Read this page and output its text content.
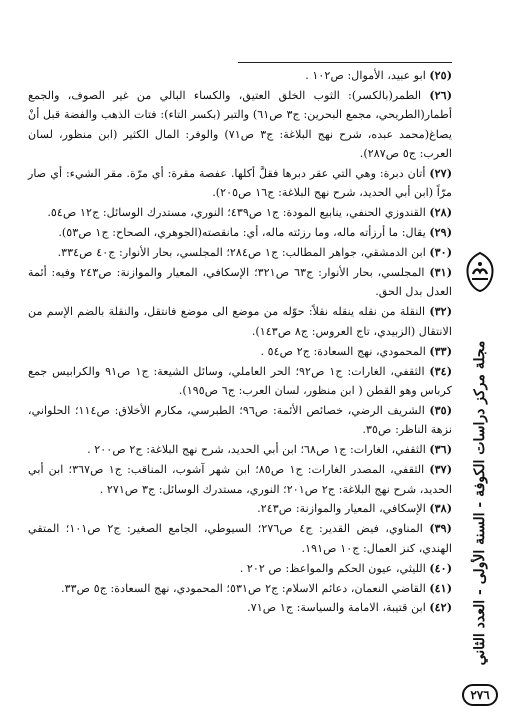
(٢٥) ابو عبيد، الأموال: ص١٠٢ .

(٢٦) الطمر(بالكسر): الثوب الخلق العتيق، والكساء البالي من غير الصوف، والجمع أطمار(الطريحي، مجمع البحرين: ج٣ ص٦١) والتبر (بكسر التاء): فتات الذهب والفضة قبل أنْ يصاغ(محمد عبده، شرح نهج البلاغة: ج٣ ص٧١) والوفر: المال الكثير (ابن منظور، لسان العرب: ج٥ ص٢٨٧).

(٢٧) أتان دبرة: وهي التي عقر دبرها فقلَّ أكلها. عفصة مقرة: أي مرّة. مقر الشيء: أي صار مرّاً (ابن أبي الحديد، شرح نهج البلاغة: ج١٦ ص٢٠٥).

(٢٨) القندوزي الحنفي، ينابيع المودة: ج١ ص٤٣٩؛ النوري، مستدرك الوسائل: ج١٢ ص٥٤.

(٢٩) يقال: ما أرزأته ماله، وما رزئته ماله، أي: مانقصته(الجوهري، الصحاح: ج١ ص٥٣).

(٣٠) ابن الدمشقي، جواهر المطالب: ج١ ص٢٨٤؛ المجلسي، بحار الأنوار: ج٤٠ ص٣٣٤.

(٣١) المجلسي، بحار الأنوار: ج٦٣ ص٣٢١؛ الإسكافي، المعيار والموازنة: ص٢٤٣ وفيه: أئمة العدل بدل الحق.

(٣٢) النقلة من نقله ينقله نقلاً: حوّله من موضع الى موضع فانتقل، والنقلة بالضم الإسم من الانتقال (الزبيدي، تاج العروس: ج٨ ص١٤٣).

(٣٣) المحمودي، نهج السعادة: ج٢ ص٥٤ .

(٣٤) الثقفي، الغارات: ج١ ص٩٢؛ الحر العاملي، وسائل الشيعة: ج١ ص٩١ والكرابيس جمع كرباس وهو القطن ( ابن منظور، لسان العرب: ج٦ ص١٩٥).

(٣٥) الشريف الرضي، خصائص الأئمة: ص٩٦؛ الطبرسي، مكارم الأخلاق: ص١١٤؛ الحلواني، نزهة الناظر: ص٣٥.

(٣٦) الثقفي، الغارات: ج١ ص٦٨؛ ابن أبي الحديد، شرح نهج البلاغة: ج٢ ص٢٠٠ .

(٣٧) الثقفي، المصدر الغارات: ج١ ص٨٥؛ ابن شهر آشوب، المناقب: ج١ ص٣٦٧؛ ابن أبي الحديد، شرح نهج البلاغة: ج٢ ص٢٠١؛ النوري، مستدرك الوسائل: ج٣ ص٢٧١ .

(٣٨) الإسكافي، المعيار والموازنة: ص٢٤٣.

(٣٩) المناوي، فيض القدير: ج٤ ص٢٧٦؛ السيوطي، الجامع الصغير: ج٢ ص١٠١؛ المتقي الهندي، كنز العمال: ج١٠ ص١٩١.

(٤٠) الليثي، عيون الحكم والمواعظ: ص ٢٠٢ .

(٤١) القاضي النعمان، دعائم الاسلام: ج٢ ص٥٣١؛ المحمودي، نهج السعادة: ج٥ ص٣٣.

(٤٢) ابن قتيبة، الامامة والسياسة: ج١ ص٧١.	مجلة مركز دراسات الكوفة - السنة الأولى - العدد الثاني
٢٧٦
